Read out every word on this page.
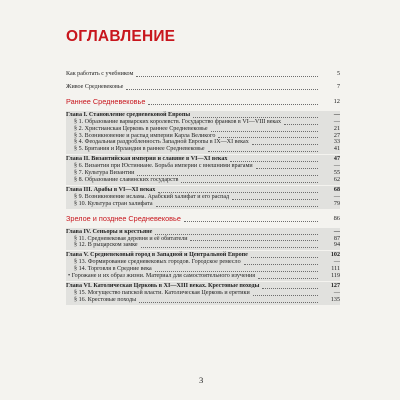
ОГЛАВЛЕНИЕ
Как работать с учебником	5
Живое Средневековье	7
Раннее Средневековье	12
Глава I. Становление средневековой Европы	—
§ 1. Образование варварских королевств. Государство франков в VI—VIII веках	—
§ 2. Христианская Церковь в раннее Средневековье	21
§ 3. Возникновение и распад империи Карла Великого	27
§ 4. Феодальная раздробленность Западной Европы в IX—XI веках	33
§ 5. Британия и Ирландия в раннее Средневековье	41
Глава II. Византийская империя и славяне в VI—XI веках	47
§ 6. Византия при Юстиниане. Борьба империи с внешними врагами	—
§ 7. Культура Византии	55
§ 8. Образование славянских государств	62
Глава III. Арабы в VI—XI веках	68
§ 9. Возникновение ислама. Арабский халифат и его распад	—
§ 10. Культура стран халифата	79
Зрелое и позднее Средневековье	86
Глава IV. Сеньоры и крестьяне	—
§ 11. Средневековая деревня и её обитатели	87
§ 12. В рыцарском замке	94
Глава V. Средневековый город в Западной и Центральной Европе	102
§ 13. Формирование средневековых городов. Городское ремесло	—
§ 14. Торговля в Средние века	111
• Горожане и их образ жизни. Материал для самостоятельного изучения	119
Глава VI. Католическая Церковь в XI—XIII веках. Крестовые походы	127
§ 15. Могущество папской власти. Католическая Церковь и еретики	—
§ 16. Крестовые походы	135
3
